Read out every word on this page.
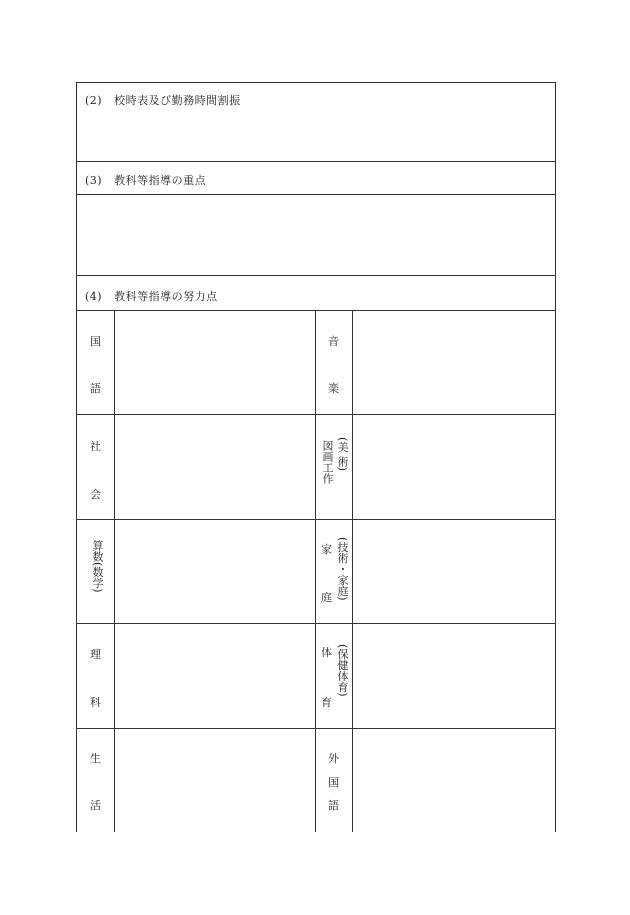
(2) 校時表及び勤務時間割振
(3) 教科等指導の重点
(4) 教科等指導の努力点
国
語
社
会
算数(数学)
理
科
生
活
音
楽
図画工作 (美 術)
家
庭 (技術・家庭)
体
育
(保健体育)
外
国
語
